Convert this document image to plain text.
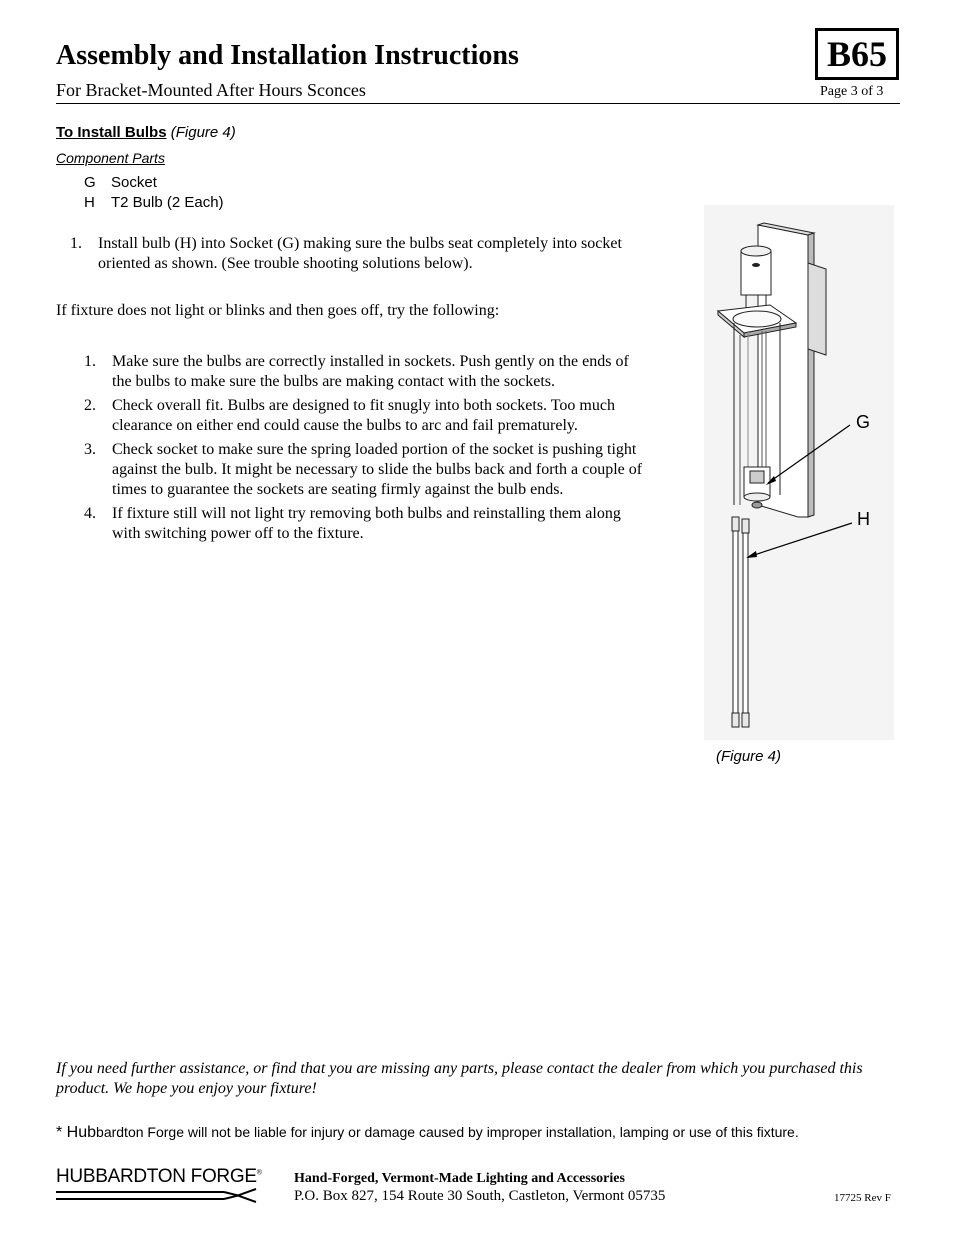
Assembly and Installation Instructions
For Bracket-Mounted After Hours Sconces
B65
Page 3 of 3
To Install Bulbs (Figure 4)
Component Parts
G Socket
H T2 Bulb (2 Each)
1. Install bulb (H) into Socket (G) making sure the bulbs seat completely into socket
oriented as shown. (See trouble shooting solutions below).
If fixture does not light or blinks and then goes off, try the following:
1. Make sure the bulbs are correctly installed in sockets. Push gently on the ends of
the bulbs to make sure the bulbs are making contact with the sockets.
2. Check overall fit. Bulbs are designed to fit snugly into both sockets. Too much
clearance on either end could cause the bulbs to arc and fail prematurely.
3. Check socket to make sure the spring loaded portion of the socket is pushing tight
against the bulb. It might be necessary to slide the bulbs back and forth a couple of
times to guarantee the sockets are seating firmly against the bulb ends.
4. If fixture still will not light try removing both bulbs and reinstalling them along
with switching power off to the fixture.
G
H
(Figure 4)
If you need further assistance, or find that you are missing any parts, please contact the dealer from which you purchased this product. We hope you enjoy your fixture!
* Hubbardton Forge will not be liable for injury or damage caused by improper installation, lamping or use of this fixture.
HUBBARDTON FORGE® Hand-Forged, Vermont-Made Lighting and Accessories
P.O. Box 827, 154 Route 30 South, Castleton, Vermont 05735	17725 Rev F
